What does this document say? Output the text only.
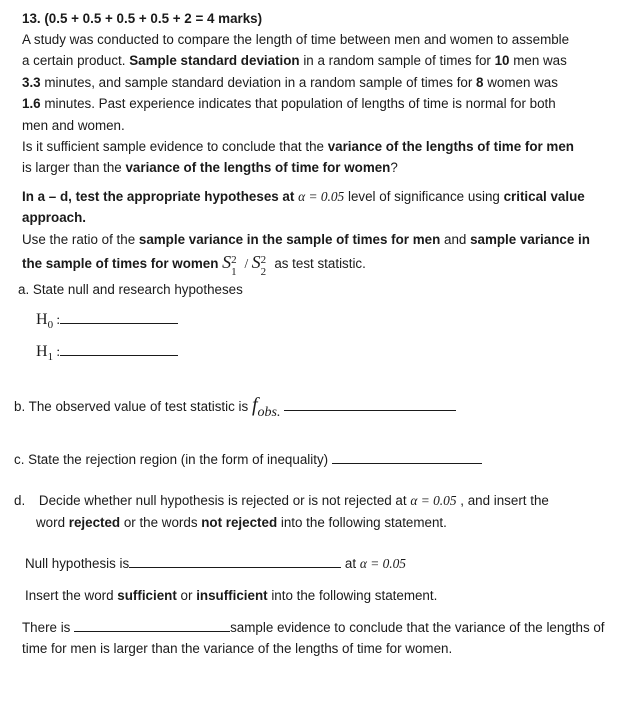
13. (0.5 + 0.5 + 0.5 + 0.5 + 2 = 4 marks)
A study was conducted to compare the length of time between men and women to assemble
a certain product. Sample standard deviation in a random sample of times for 10 men was
3.3 minutes, and sample standard deviation in a random sample of times for 8 women was
1.6 minutes. Past experience indicates that population of lengths of time is normal for both
men and women.
Is it sufficient sample evidence to conclude that the variance of the lengths of time for men
is larger than the variance of the lengths of time for women?
In a – d, test the appropriate hypotheses at α = 0.05 level of significance using critical value
approach.
Use the ratio of the sample variance in the sample of times for men and sample variance in
the sample of times for women S 2
1
/ S 2
2
as test statistic.
a. State null and research hypotheses
$H_0$ :
$H_1$ :
b. The observed value of test statistic is $f_{obs.}$
c. State the rejection region (in the form of inequality)
d. Decide whether null hypothesis is rejected or is not rejected at α = 0.05 , and insert the
word rejected or the words not rejected into the following statement.
Null hypothesis is	at α = 0.05
Insert the word sufficient or insufficient into the following statement.
There is	sample evidence to conclude that the variance of the lengths of
time for men is larger than the variance of the lengths of time for women.
